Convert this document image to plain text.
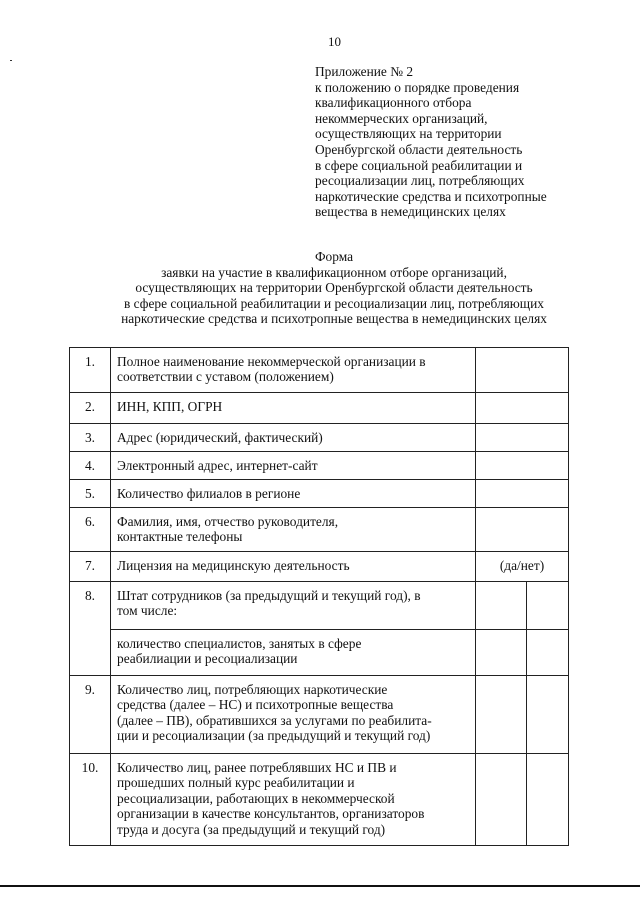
10
Приложение № 2
к положению о порядке проведения
квалификационного отбора
некоммерческих организаций,
осуществляющих на территории
Оренбургской области деятельность
в сфере социальной реабилитации и
ресоциализации лиц, потребляющих
наркотические средства и психотропные
вещества в немедицинских целях
Форма
заявки на участие в квалификационном отборе организаций,
осуществляющих на территории Оренбургской области деятельность
в сфере социальной реабилитации и ресоциализации лиц, потребляющих
наркотические средства и психотропные вещества в немедицинских целях
1.	Полное наименование некоммерческой организации в
соответствии с уставом (положением)		

2.	ИНН, КПП, ОГРН		

3.	Адрес (юридический, фактический)		

4.	Электронный адрес, интернет-сайт		

5.	Количество филиалов в регионе		

6.	Фамилия, имя, отчество руководителя,
контактные телефоны		

7.	Лицензия на медицинскую деятельность	(да/нет)	
8.	Штат сотрудников (за предыдущий и текущий год), в
том числе:		

	количество специалистов, занятых в сфере
реабилиации и ресоциализации		

9.	Количество лиц, потребляющих наркотические
средства (далее – НС) и психотропные вещества
(далее – ПВ), обратившихся за услугами по реабилита-
ции и ресоциализации (за предыдущий и текущий год)		

10.	Количество лиц, ранее потреблявших НС и ПВ и
прошедших полный курс реабилитации и
ресоциализации, работающих в некоммерческой
организации в качестве консультантов, организаторов
труда и досуга (за предыдущий и текущий год)		
